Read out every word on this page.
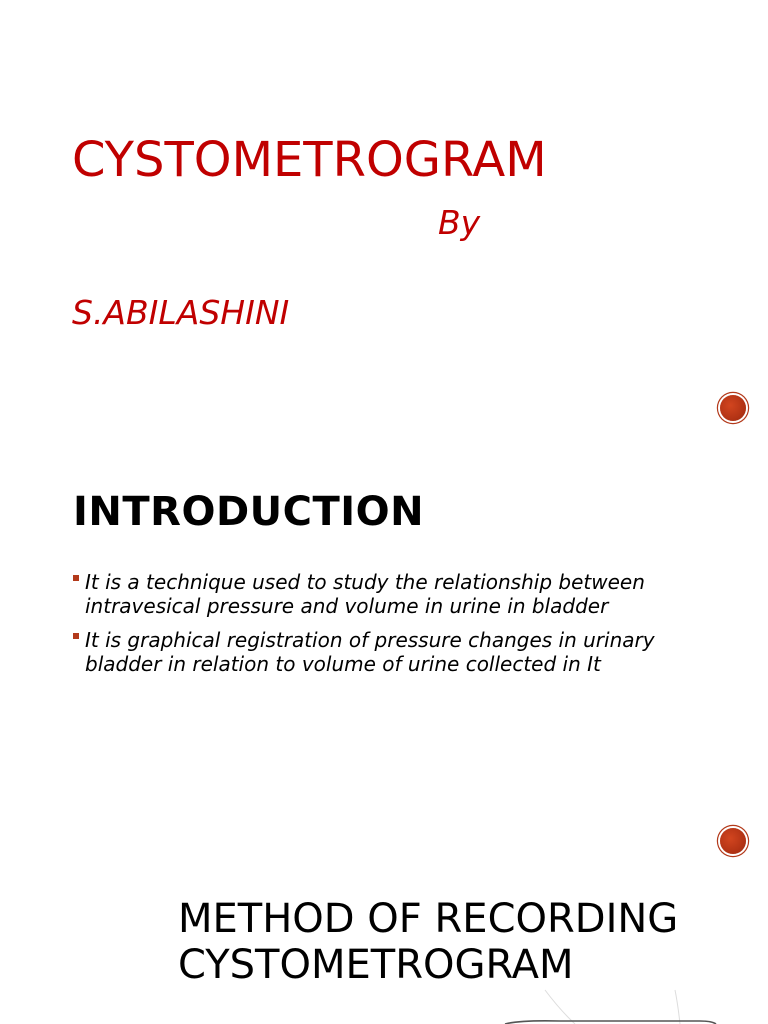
CYSTOMETROGRAM
By
S.ABILASHINI
INTRODUCTION
It is a technique used to study the relationship between intravesical pressure and volume in urine in bladder
It is graphical registration of pressure changes in urinary bladder in relation to volume of urine collected in It
METHOD OF RECORDING
CYSTOMETROGRAM
